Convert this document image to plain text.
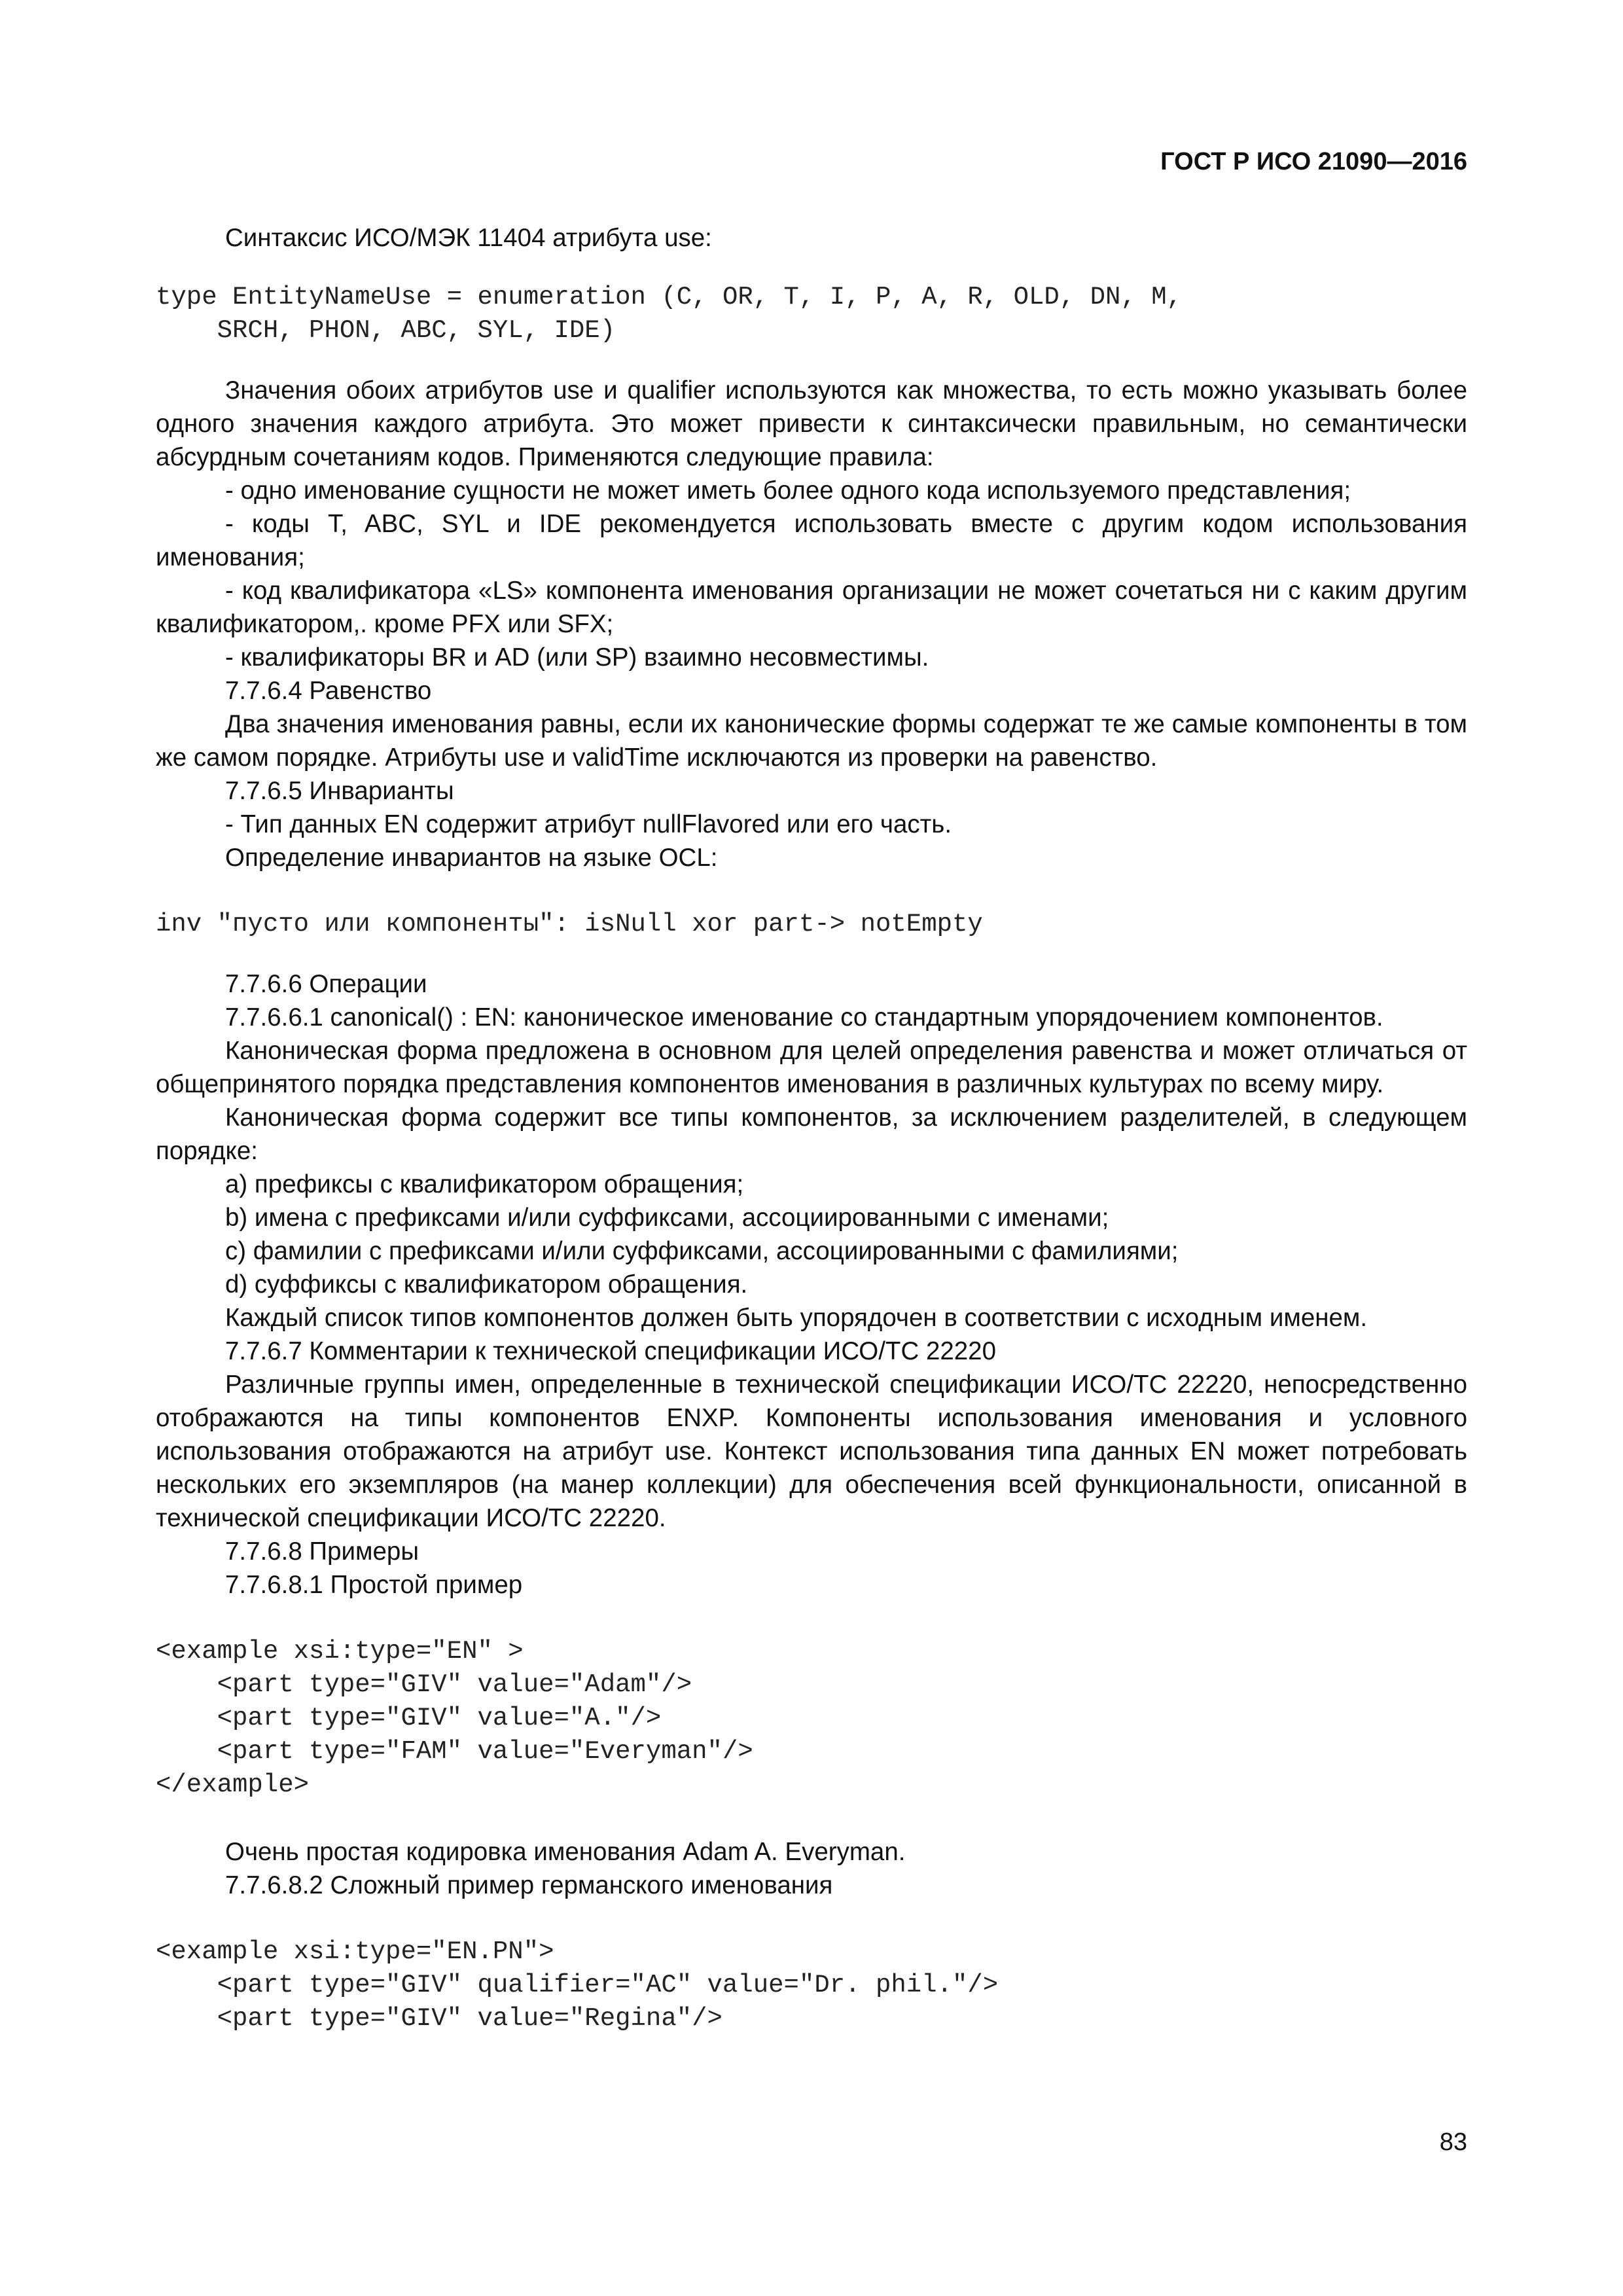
ГОСТ Р ИСО 21090—2016

Синтаксис ИСО/МЭК 11404 атрибута use:

type EntityNameUse = enumeration (C, OR, T, I, P, A, R, OLD, DN, M,
SRCH, PHON, ABC, SYL, IDE)

Значения обоих атрибутов use и qualifier используются как множества, то есть можно указывать более одного значения каждого атрибута. Это может привести к синтаксически правильным, но семантически абсурдным сочетаниям кодов. Применяются следующие правила:

- одно именование сущности не может иметь более одного кода используемого представления;

- коды T, ABC, SYL и IDE рекомендуется использовать вместе с другим кодом использования именования;

- код квалификатора «LS» компонента именования организации не может сочетаться ни с каким другим квалификатором,. кроме PFX или SFX;

- квалификаторы BR и AD (или SP) взаимно несовместимы.

7.7.6.4 Равенство

Два значения именования равны, если их канонические формы содержат те же самые компоненты в том же самом порядке. Атрибуты use и validTime исключаются из проверки на равенство.

7.7.6.5 Инварианты

- Тип данных EN содержит атрибут nullFlavored или его часть.

Определение инвариантов на языке OCL:

inv "пусто или компоненты": isNull xor part-> notEmpty

7.7.6.6 Операции

7.7.6.6.1 canonical() : EN: каноническое именование со стандартным упорядочением компонентов.

Каноническая форма предложена в основном для целей определения равенства и может отличаться от общепринятого порядка представления компонентов именования в различных культурах по всему миру.

Каноническая форма содержит все типы компонентов, за исключением разделителей, в следующем порядке:

a) префиксы с квалификатором обращения;

b) имена с префиксами и/или суффиксами, ассоциированными с именами;

c) фамилии с префиксами и/или суффиксами, ассоциированными с фамилиями;

d) суффиксы с квалификатором обращения.

Каждый список типов компонентов должен быть упорядочен в соответствии с исходным именем.

7.7.6.7 Комментарии к технической спецификации ИСО/ТС 22220

Различные группы имен, определенные в технической спецификации ИСО/ТС 22220, непосредственно отображаются на типы компонентов ENXP. Компоненты использования именования и условного использования отображаются на атрибут use. Контекст использования типа данных EN может потребовать нескольких его экземпляров (на манер коллекции) для обеспечения всей функциональности, описанной в технической спецификации ИСО/ТС 22220.

7.7.6.8 Примеры

7.7.6.8.1 Простой пример

<example xsi:type="EN" >
<part type="GIV" value="Adam"/>
<part type="GIV" value="A."/>
<part type="FAM" value="Everyman"/>
</example>

Очень простая кодировка именования Adam A. Everyman.

7.7.6.8.2 Сложный пример германского именования

<example xsi:type="EN.PN">
<part type="GIV" qualifier="AC" value="Dr. phil."/>
<part type="GIV" value="Regina"/>
83
